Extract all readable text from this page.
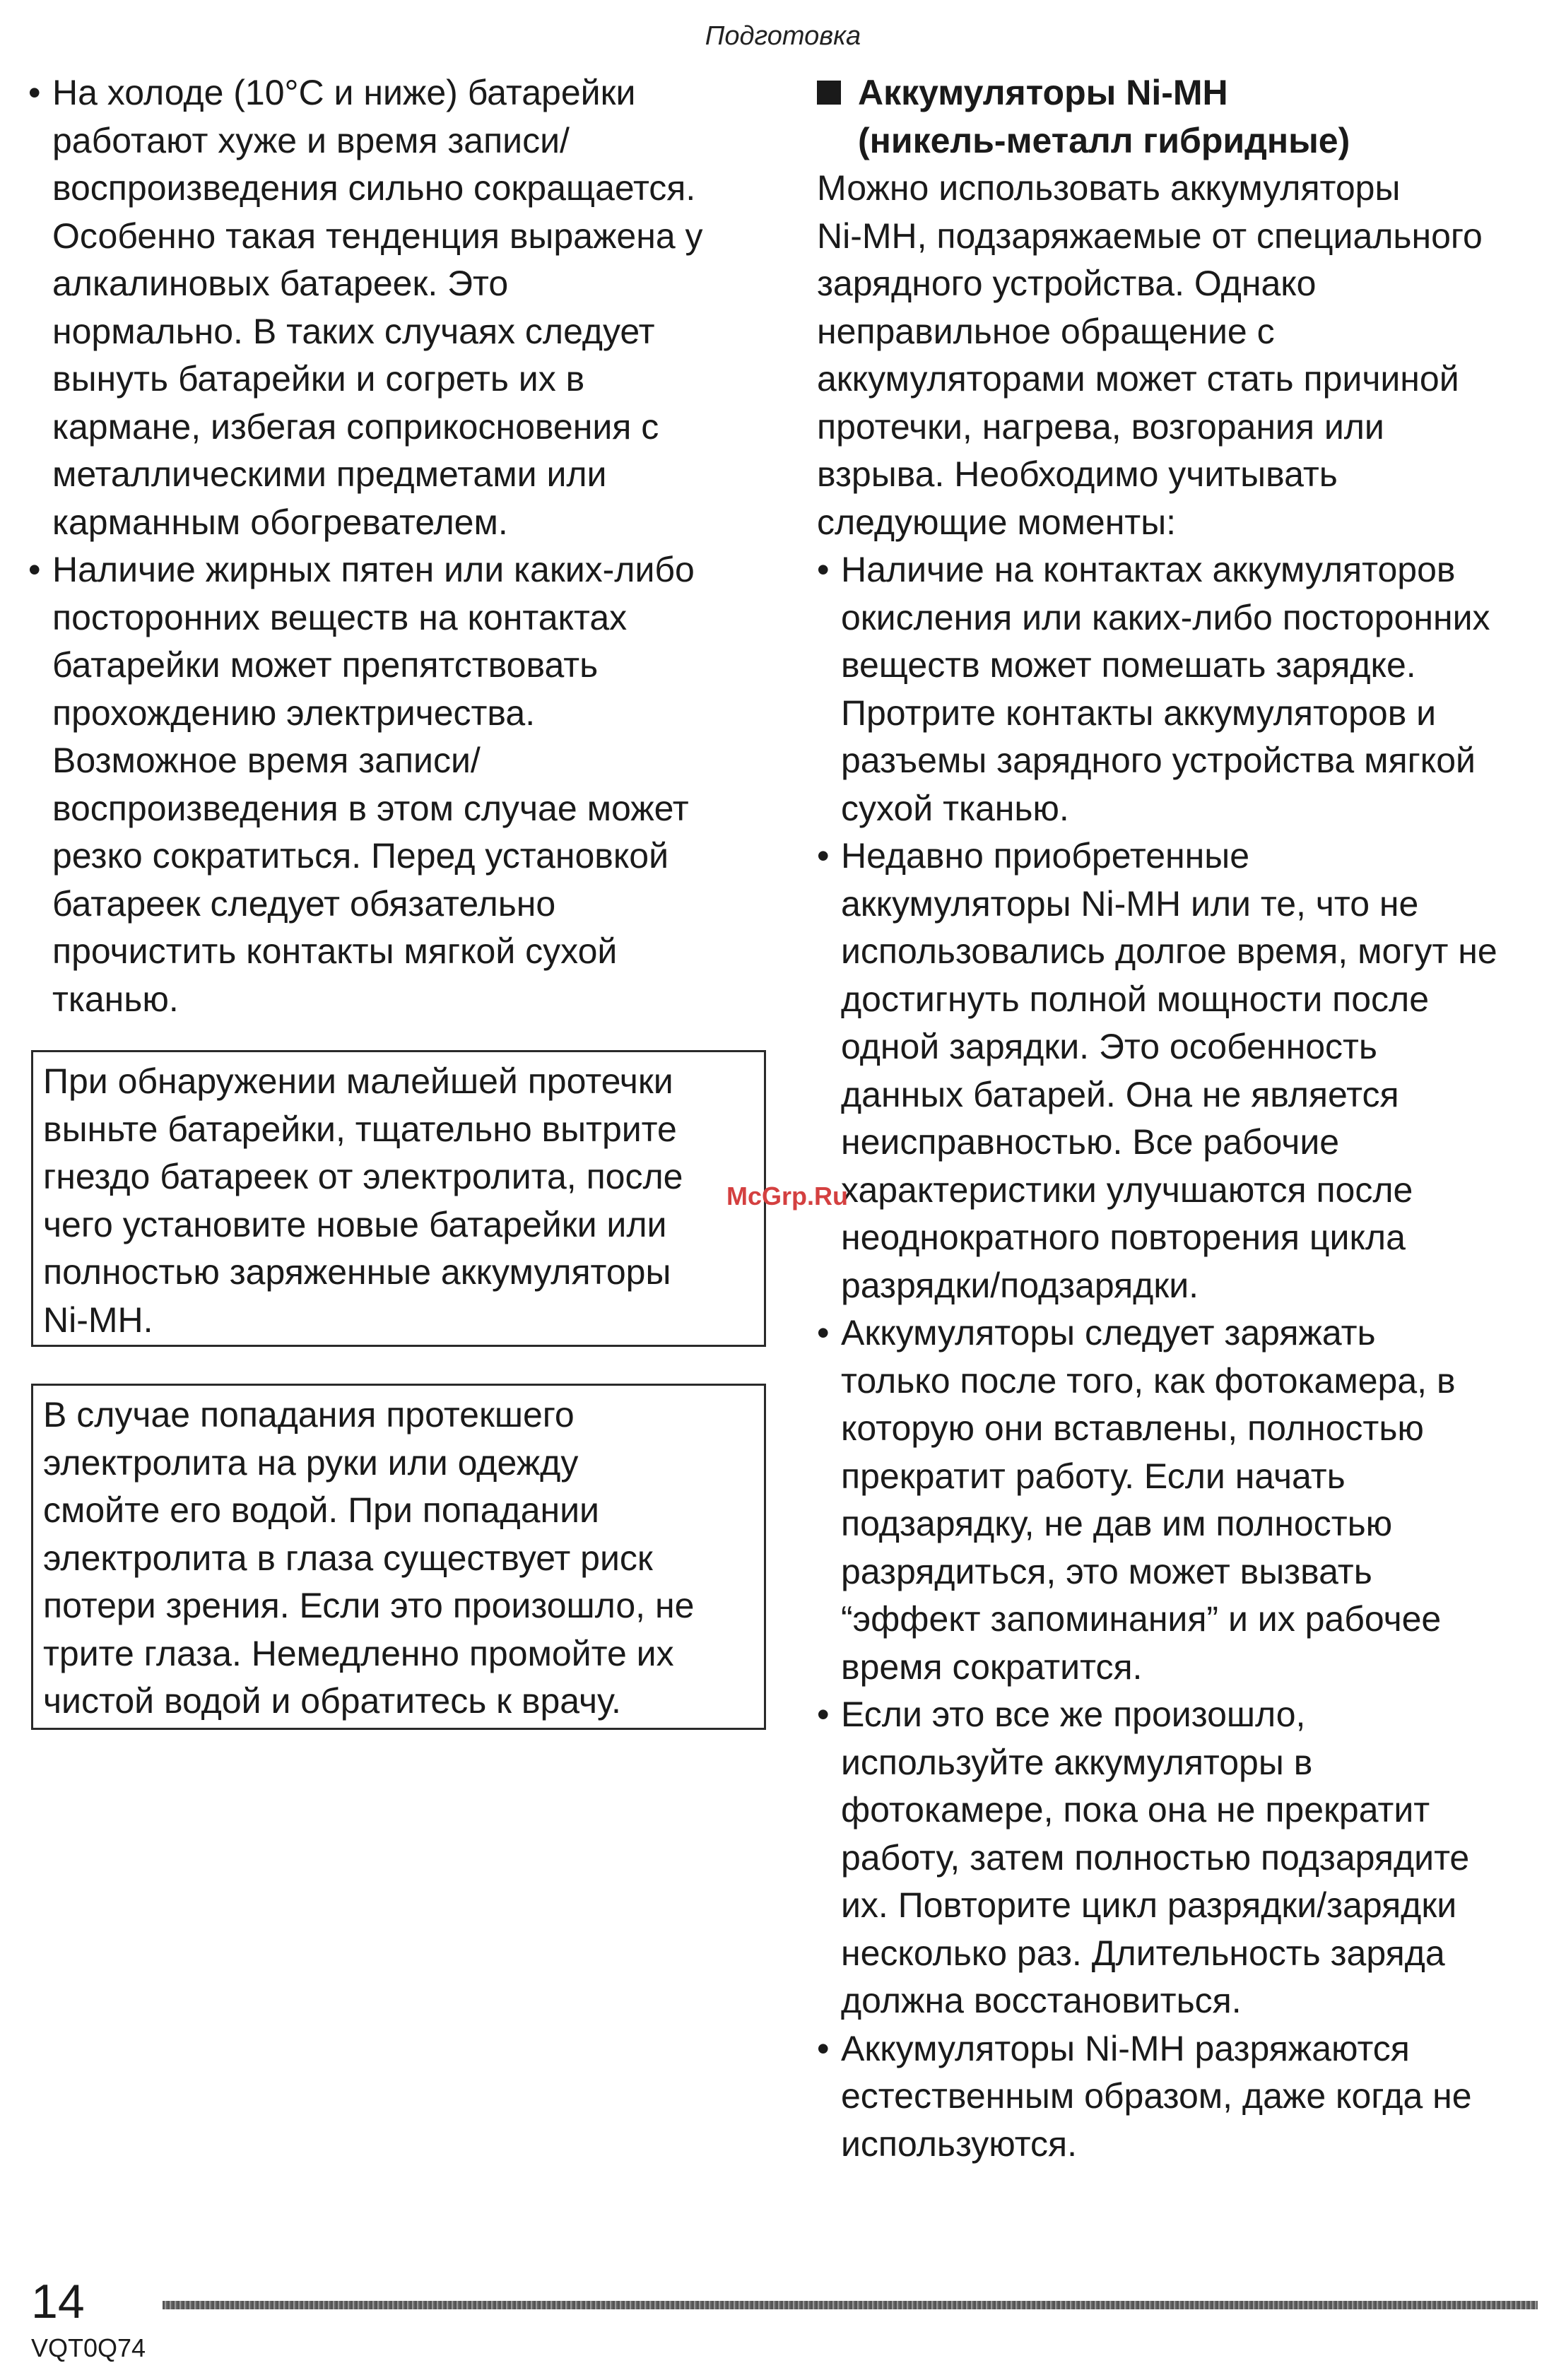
Подготовка
• На холоде (10°C и ниже) батарейки
работают хуже и время записи/
воспроизведения сильно сокращается.
Особенно такая тенденция выражена у
алкалиновых батареек. Это
нормально. В таких случаях следует
вынуть батарейки и согреть их в
кармане, избегая соприкосновения с
металлическими предметами или
карманным обогревателем.
• Наличие жирных пятен или каких-либо
посторонних веществ на контактах
батарейки может препятствовать
прохождению электричества.
Возможное время записи/
воспроизведения в этом случае может
резко сократиться. Перед установкой
батареек следует обязательно
прочистить контакты мягкой сухой
тканью.
При обнаружении малейшей протечки
выньте батарейки, тщательно вытрите
гнездо батареек от электролита, после
чего установите новые батарейки или
полностью заряженные аккумуляторы
Ni-MH.
В случае попадания протекшего
электролита на руки или одежду
смойте его водой. При попадании
электролита в глаза существует риск
потери зрения. Если это произошло, не
трите глаза. Немедленно промойте их
чистой водой и обратитесь к врачу.
Аккумуляторы Ni-MH
(никель-металл гибридные)
Можно использовать аккумуляторы
Ni-MH, подзаряжаемые от специального
зарядного устройства. Однако
неправильное обращение с
аккумуляторами может стать причиной
протечки, нагрева, возгорания или
взрыва. Необходимо учитывать
следующие моменты:
• Наличие на контактах аккумуляторов
окисления или каких-либо посторонних
веществ может помешать зарядке.
Протрите контакты аккумуляторов и
разъемы зарядного устройства мягкой
сухой тканью.
• Недавно приобретенные
аккумуляторы Ni-MH или те, что не
использовались долгое время, могут не
достигнуть полной мощности после
одной зарядки. Это особенность
данных батарей. Она не является
неисправностью. Все рабочие
характеристики улучшаются после
неоднократного повторения цикла
разрядки/подзарядки.
• Аккумуляторы следует заряжать
только после того, как фотокамера, в
которую они вставлены, полностью
прекратит работу. Если начать
подзарядку, не дав им полностью
разрядиться, это может вызвать
“эффект запоминания” и их рабочее
время сократится.
• Если это все же произошло,
используйте аккумуляторы в
фотокамере, пока она не прекратит
работу, затем полностью подзарядите
их. Повторите цикл разрядки/зарядки
несколько раз. Длительность заряда
должна восстановиться.
• Аккумуляторы Ni-MH разряжаются
естественным образом, даже когда не
используются.
McGrp.Ru
14
VQT0Q74
